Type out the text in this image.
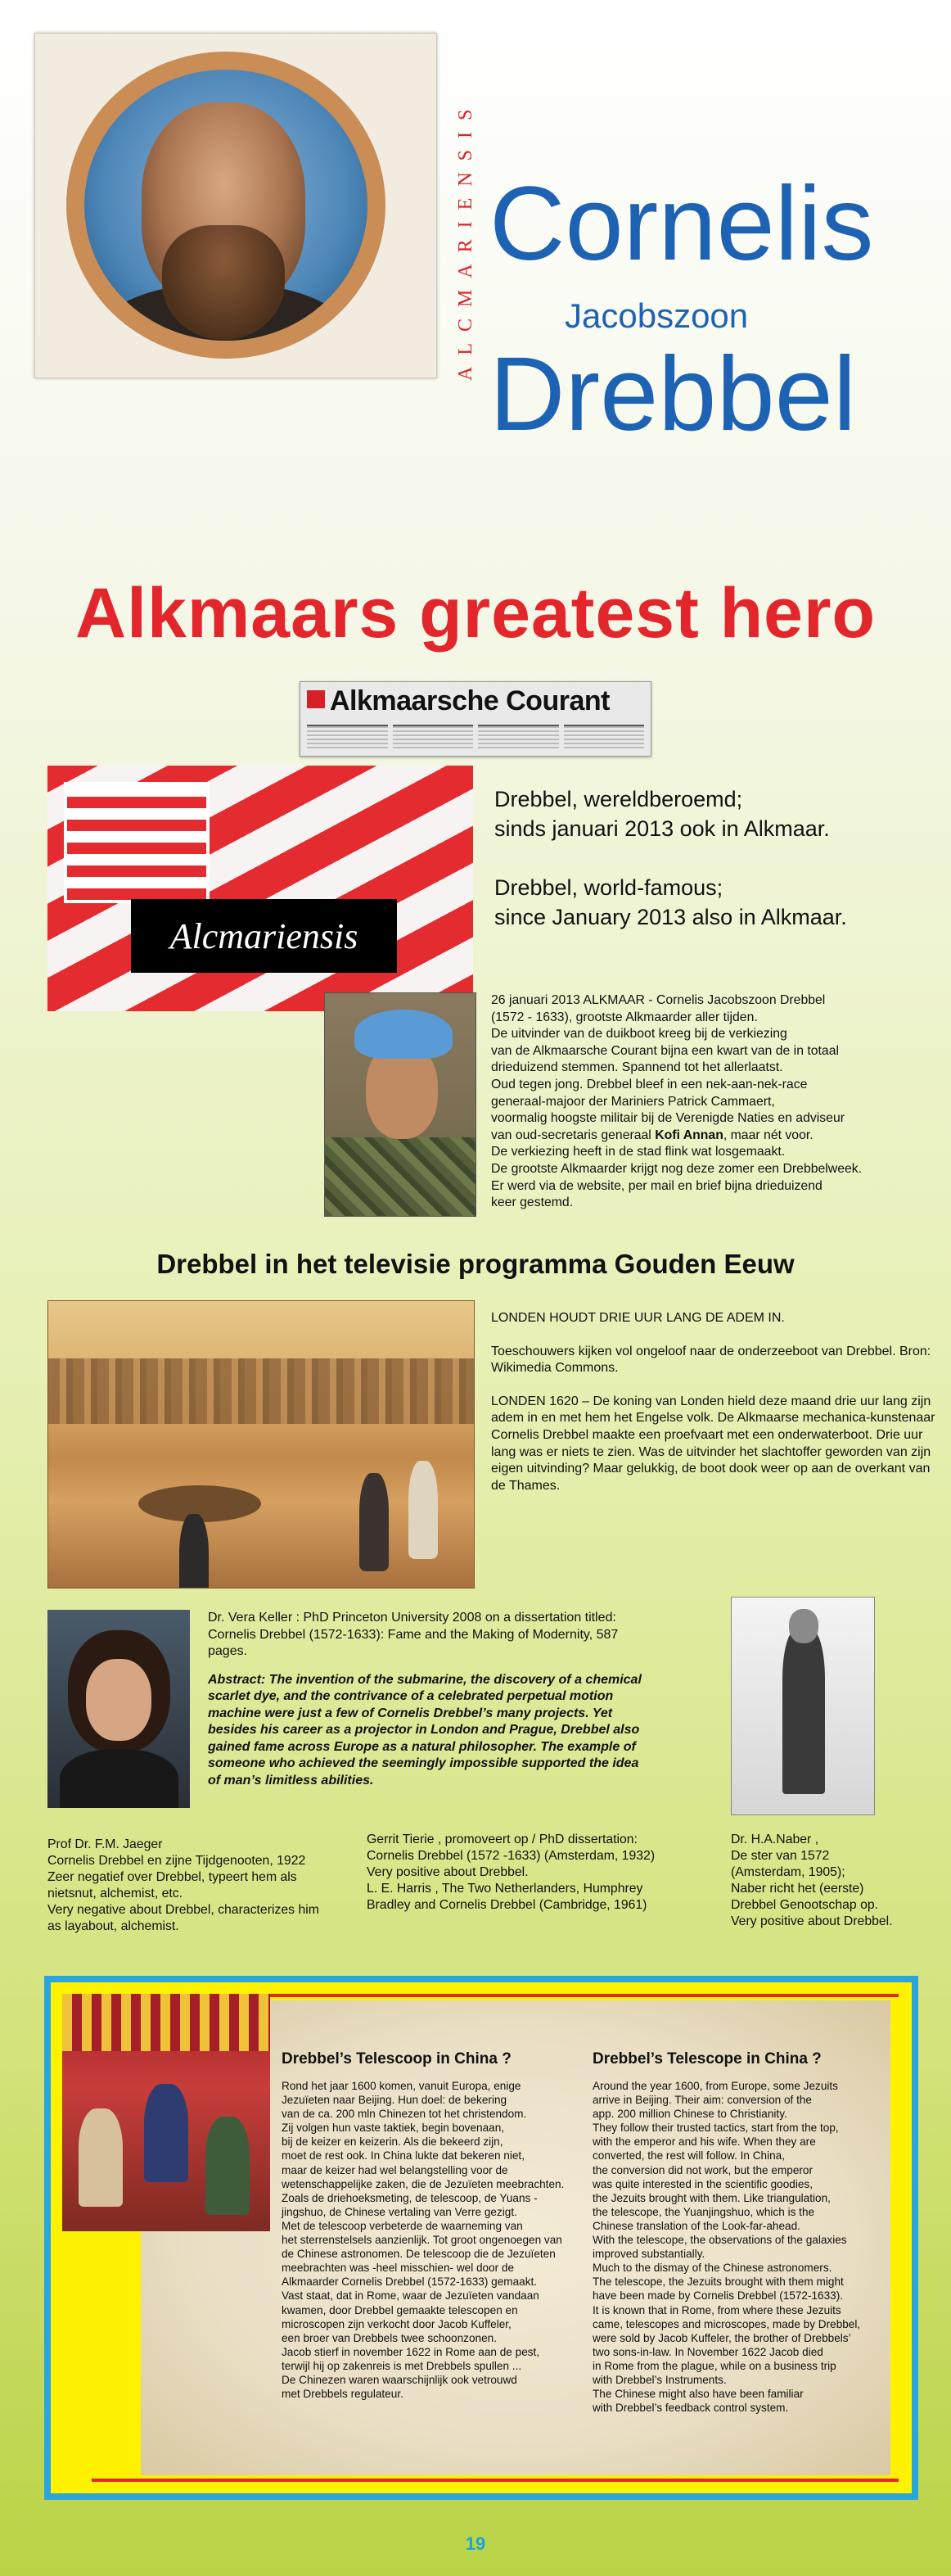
ALCMARIENSIS Cornelis
Jacobszoon
Drebbel
Alkmaars greatest hero
Alkmaarsche Courant
Alcmariensis

Drebbel, wereldberoemd;
sinds januari 2013 ook in Alkmaar.

Drebbel, world-famous;
since January 2013 also in Alkmaar.

26 januari 2013 ALKMAAR - Cornelis Jacobszoon Drebbel
(1572 - 1633), grootste Alkmaarder aller tijden.
De uitvinder van de duikboot kreeg bij de verkiezing
van de Alkmaarsche Courant bijna een kwart van de in totaal
drieduizend stemmen. Spannend tot het allerlaatst.
Oud tegen jong. Drebbel bleef in een nek-aan-nek-race
generaal-majoor der Mariniers Patrick Cammaert,
voormalig hoogste militair bij de Verenigde Naties en adviseur
van oud-secretaris generaal Kofi Annan, maar nét voor.
De verkiezing heeft in de stad flink wat losgemaakt.
De grootste Alkmaarder krijgt nog deze zomer een Drebbelweek.
Er werd via de website, per mail en brief bijna drieduizend
keer gestemd.
Drebbel in het televisie programma Gouden Eeuw

LONDEN HOUDT DRIE UUR LANG DE ADEM IN.

Toeschouwers kijken vol ongeloof naar de onderzeeboot van Drebbel. Bron: Wikimedia Commons.

LONDEN 1620 – De koning van Londen hield deze maand drie uur lang zijn adem in en met hem het Engelse volk. De Alkmaarse mechanica-kunstenaar Cornelis Drebbel maakte een proefvaart met een onderwaterboot. Drie uur lang was er niets te zien. Was de uitvinder het slachtoffer geworden van zijn eigen uitvinding? Maar gelukkig, de boot dook weer op aan de overkant van de Thames.

Dr. Vera Keller : PhD Princeton University 2008 on a dissertation titled: Cornelis Drebbel (1572-1633): Fame and the Making of Modernity, 587 pages.

Abstract: The invention of the submarine, the discovery of a chemical scarlet dye, and the contrivance of a celebrated perpetual motion machine were just a few of Cornelis Drebbel’s many projects. Yet besides his career as a projector in London and Prague, Drebbel also gained fame across Europe as a natural philosopher. The example of someone who achieved the seemingly impossible supported the idea of man’s limitless abilities.

Prof Dr. F.M. Jaeger
Cornelis Drebbel en zijne Tijdgenooten, 1922
Zeer negatief over Drebbel, typeert hem als
nietsnut, alchemist, etc.
Very negative about Drebbel, characterizes him
as layabout, alchemist.
Gerrit Tierie , promoveert op / PhD dissertation:
Cornelis Drebbel (1572 -1633) (Amsterdam, 1932)
Very positive about Drebbel.
L. E. Harris , The Two Netherlanders, Humphrey
Bradley and Cornelis Drebbel (Cambridge, 1961)
Dr. H.A.Naber ,
De ster van 1572
(Amsterdam, 1905);
Naber richt het (eerste)
Drebbel Genootschap op.
Very positive about Drebbel.
Drebbel’s Telescoop in China ?	Drebbel’s Telescope in China ?
Rond het jaar 1600 komen, vanuit Europa, enige
Jezuïeten naar Beijing. Hun doel: de bekering
van de ca. 200 mln Chinezen tot het christendom.
Zij volgen hun vaste taktiek, begin bovenaan,
bij de keizer en keizerin. Als die bekeerd zijn,
moet de rest ook. In China lukte dat bekeren niet,
maar de keizer had wel belangstelling voor de
wetenschappelijke zaken, die de Jezuïeten meebrachten.
Zoals de driehoeksmeting, de telescoop, de Yuans -
jingshuo, de Chinese vertaling van Verre gezigt.
Met de telescoop verbeterde de waarneming van
het sterrenstelsels aanzienlijk. Tot groot ongenoegen van
de Chinese astronomen. De telescoop die de Jezuïeten
meebrachten was -heel misschien- wel door de
Alkmaarder Cornelis Drebbel (1572-1633) gemaakt.
Vast staat, dat in Rome, waar de Jezuïeten vandaan
kwamen, door Drebbel gemaakte telescopen en
microscopen zijn verkocht door Jacob Kuffeler,
een broer van Drebbels twee schoonzonen.
Jacob stierf in november 1622 in Rome aan de pest,
terwijl hij op zakenreis is met Drebbels spullen ...
De Chinezen waren waarschijnlijk ook vetrouwd
met Drebbels regulateur.

Around the year 1600, from Europe, some Jezuits
arrive in Beijing. Their aim: conversion of the
app. 200 million Chinese to Christianity.
They follow their trusted tactics, start from the top,
with the emperor and his wife. When they are
converted, the rest will follow. In China,
the conversion did not work, but the emperor
was quite interested in the scientific goodies,
the Jezuits brought with them. Like triangulation,
the telescope, the Yuanjingshuo, which is the
Chinese translation of the Look-far-ahead.
With the telescope, the observations of the galaxies
improved substantially.
Much to the dismay of the Chinese astronomers.
The telescope, the Jezuits brought with them might
have been made by Cornelis Drebbel (1572-1633).
It is known that in Rome, from where these Jezuits
came, telescopes and microscopes, made by Drebbel,
were sold by Jacob Kuffeler, the brother of Drebbels’
two sons-in-law. In November 1622 Jacob died
in Rome from the plague, while on a business trip
with Drebbel’s Instruments.
The Chinese might also have been familiar
with Drebbel’s feedback control system.

19
